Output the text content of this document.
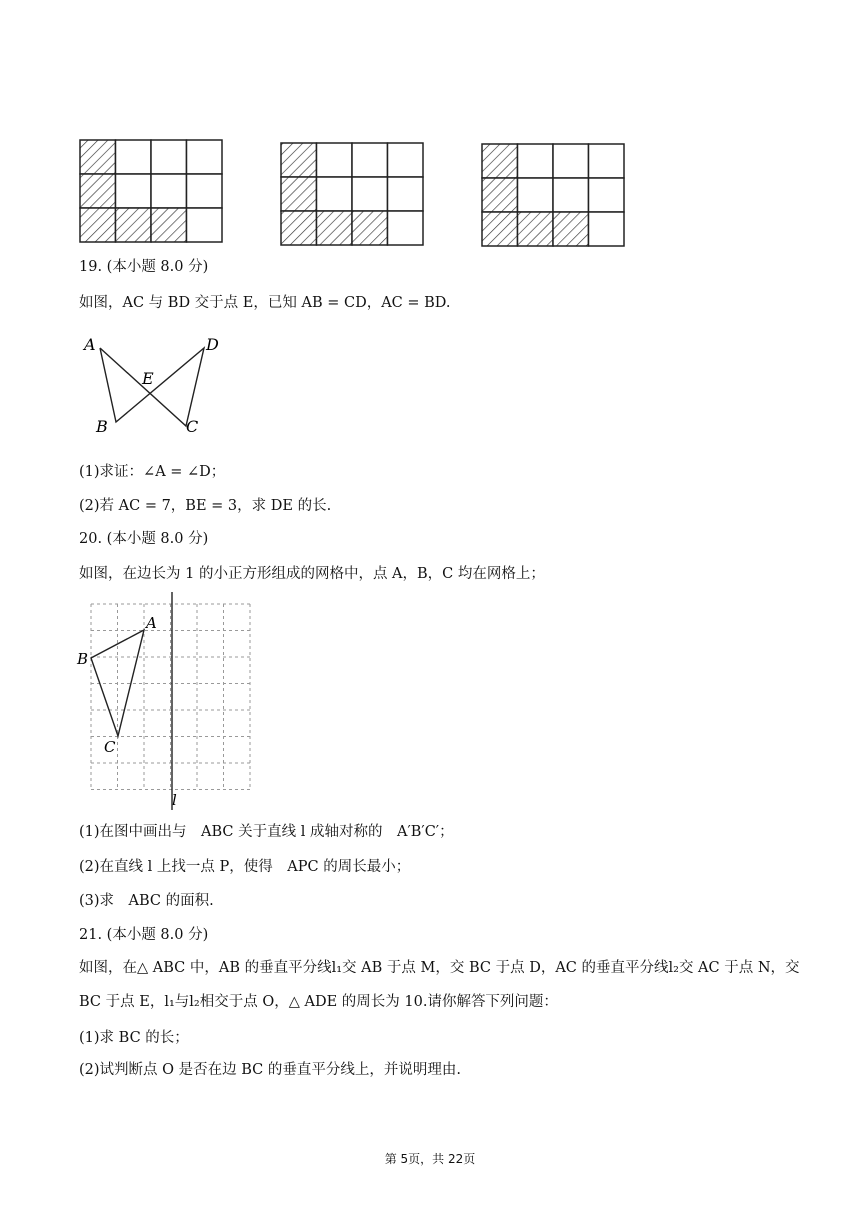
19. (本小题 8.0 分)
如图，AC 与 BD 交于点 E，已知 AB = CD，AC = BD.
A	D
E
B	C
(1)求证：∠A = ∠D；
(2)若 AC = 7，BE = 3，求 DE 的长.
20. (本小题 8.0 分)
如图，在边长为 1 的小正方形组成的网格中，点 A，B，C 均在网格上；
A
B
C
l
(1)在图中画出与　ABC 关于直线 l 成轴对称的　A′B′C′；
(2)在直线 l 上找一点 P，使得　APC 的周长最小；
(3)求　ABC 的面积.
21. (本小题 8.0 分)
如图，在△ ABC 中，AB 的垂直平分线l₁交 AB 于点 M，交 BC 于点 D，AC 的垂直平分线l₂交 AC 于点 N，交
BC 于点 E，l₁与l₂相交于点 O，△ ADE 的周长为 10.请你解答下列问题：
(1)求 BC 的长；
(2)试判断点 O 是否在边 BC 的垂直平分线上，并说明理由.
第 5页，共 22页
